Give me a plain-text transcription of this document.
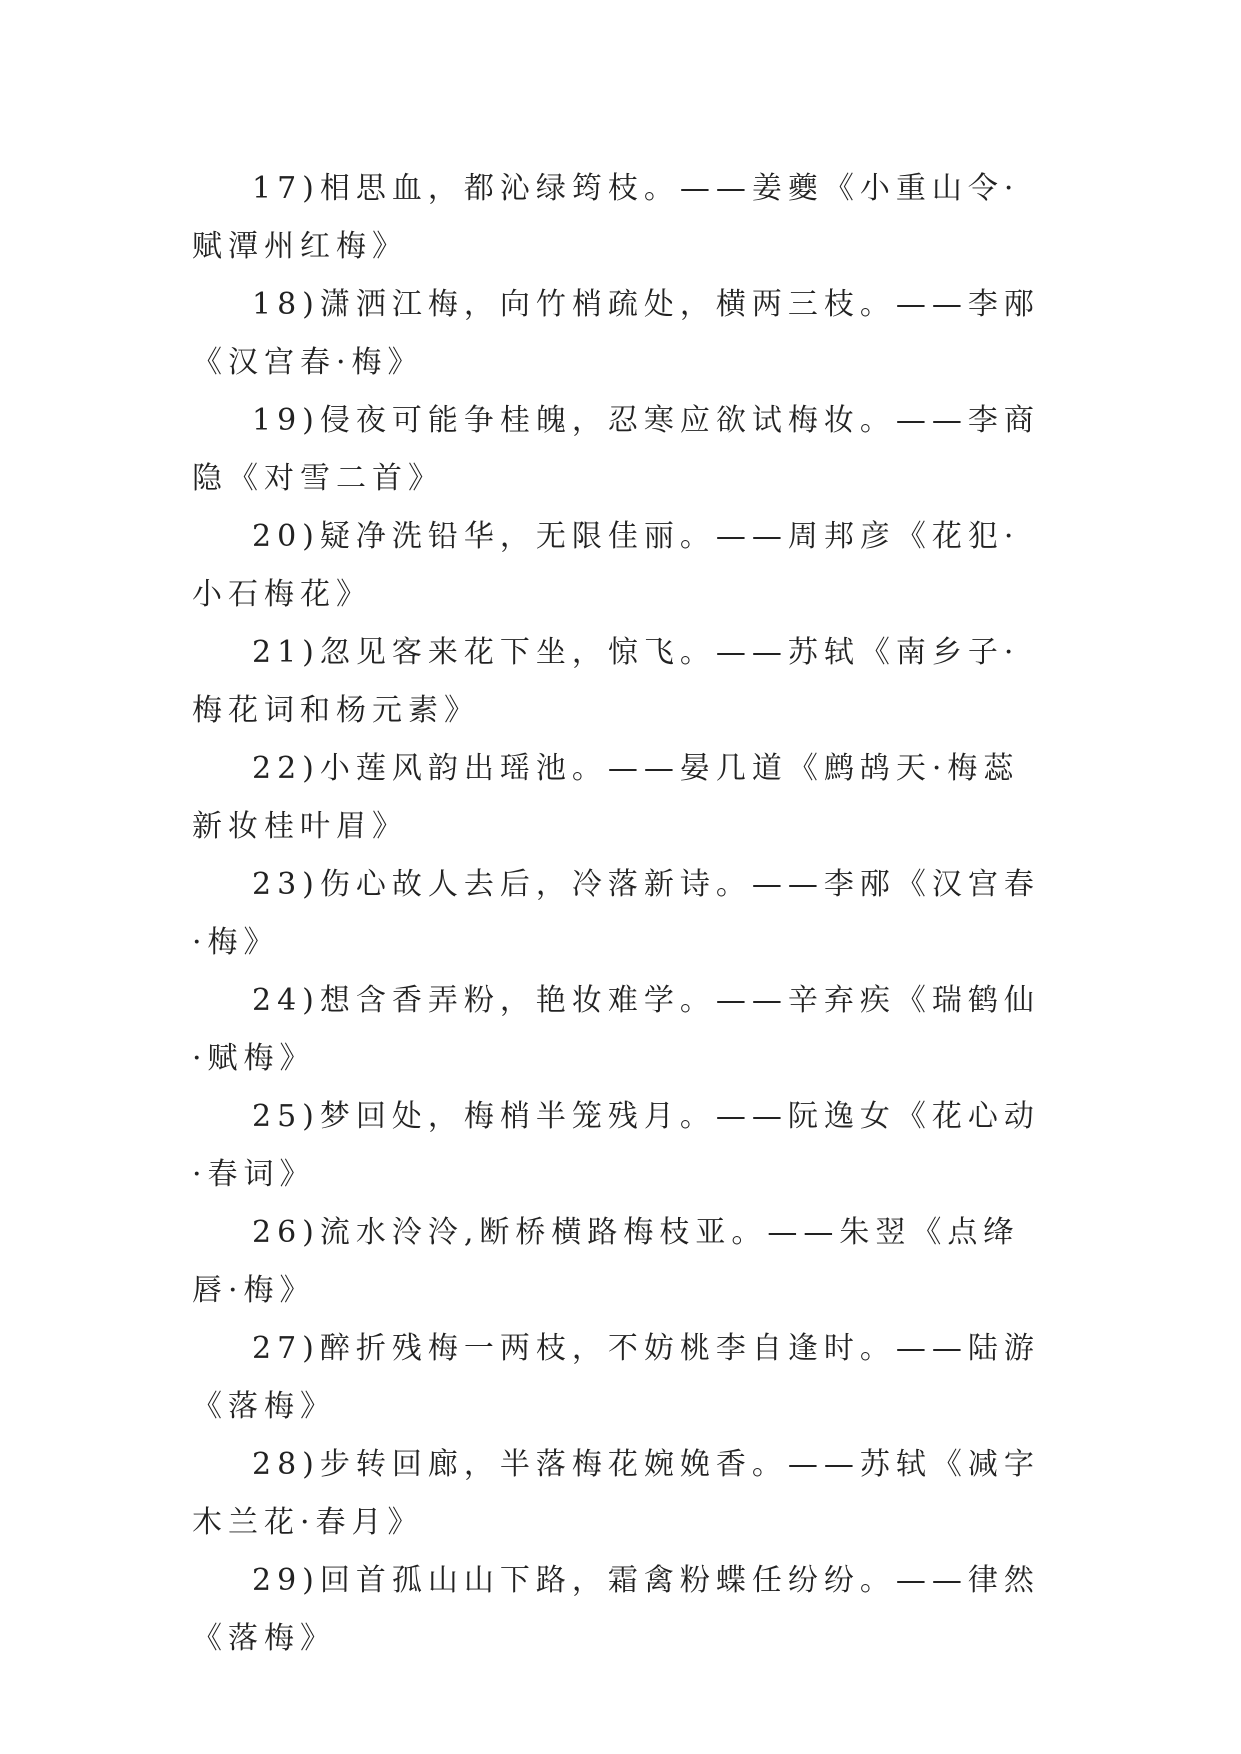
17)相思血，都沁绿筠枝。——姜夔《小重山令·赋潭州红梅》

18)潇洒江梅，向竹梢疏处，横两三枝。——李邴《汉宫春·梅》

19)侵夜可能争桂魄，忍寒应欲试梅妆。——李商隐《对雪二首》

20)疑净洗铅华，无限佳丽。——周邦彦《花犯·小石梅花》

21)忽见客来花下坐，惊飞。——苏轼《南乡子·梅花词和杨元素》

22)小莲风韵出瑶池。——晏几道《鹧鸪天·梅蕊新妆桂叶眉》

23)伤心故人去后，冷落新诗。——李邴《汉宫春·梅》

24)想含香弄粉，艳妆难学。——辛弃疾《瑞鹤仙·赋梅》

25)梦回处，梅梢半笼残月。——阮逸女《花心动·春词》

26)流水泠泠,断桥横路梅枝亚。——朱翌《点绛唇·梅》

27)醉折残梅一两枝，不妨桃李自逢时。——陆游《落梅》

28)步转回廊，半落梅花婉娩香。——苏轼《减字木兰花·春月》

29)回首孤山山下路，霜禽粉蝶任纷纷。——律然《落梅》
